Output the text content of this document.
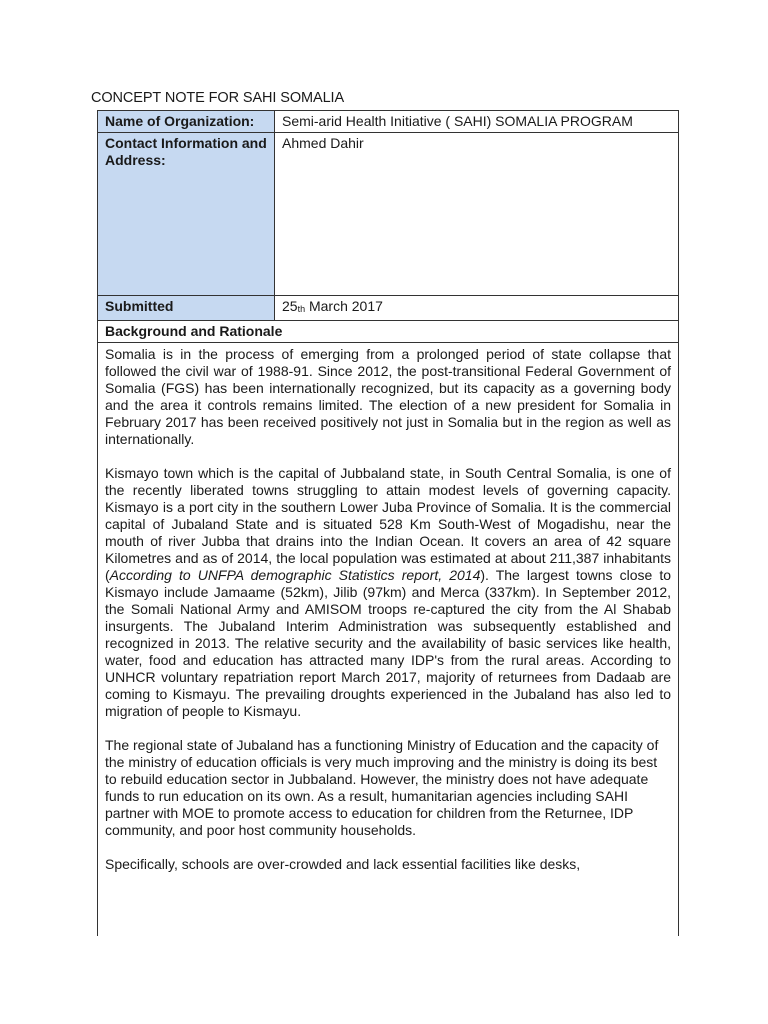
CONCEPT NOTE FOR SAHI SOMALIA
Name of Organization:	Semi-arid Health Initiative ( SAHI) SOMALIA PROGRAM
Contact Information and Address:	Ahmed Dahir
Submitted	$25_{th}$ March 2017
Background and Rationale	

Somalia is in the process of emerging from a prolonged period of state collapse that followed the civil war of 1988-91. Since 2012, the post-transitional Federal Government of Somalia (FGS) has been internationally recognized, but its capacity as a governing body and the area it controls remains limited. The election of a new president for Somalia in February 2017 has been received positively not just in Somalia but in the region as well as internationally.

Kismayo town which is the capital of Jubbaland state, in South Central Somalia, is one of the recently liberated towns struggling to attain modest levels of governing capacity. Kismayo is a port city in the southern Lower Juba Province of Somalia. It is the commercial capital of Jubaland State and is situated 528 Km South-West of Mogadishu, near the mouth of river Jubba that drains into the Indian Ocean. It covers an area of 42 square Kilometres and as of 2014, the local population was estimated at about 211,387 inhabitants (According to UNFPA demographic Statistics report, 2014). The largest towns close to Kismayo include Jamaame (52km), Jilib (97km) and Merca (337km). In September 2012, the Somali National Army and AMISOM troops re-captured the city from the Al Shabab insurgents. The Jubaland Interim Administration was subsequently established and recognized in 2013. The relative security and the availability of basic services like health, water, food and education has attracted many IDP's from the rural areas. According to UNHCR voluntary repatriation report March 2017, majority of returnees from Dadaab are coming to Kismayu. The prevailing droughts experienced in the Jubaland has also led to migration of people to Kismayu.

The regional state of Jubaland has a functioning Ministry of Education and the capacity of the ministry of education officials is very much improving and the ministry is doing its best to rebuild education sector in Jubbaland. However, the ministry does not have adequate funds to run education on its own. As a result, humanitarian agencies including SAHI partner with MOE to promote access to education for children from the Returnee, IDP community, and poor host community households.

Specifically, schools are over-crowded and lack essential facilities like desks,	
